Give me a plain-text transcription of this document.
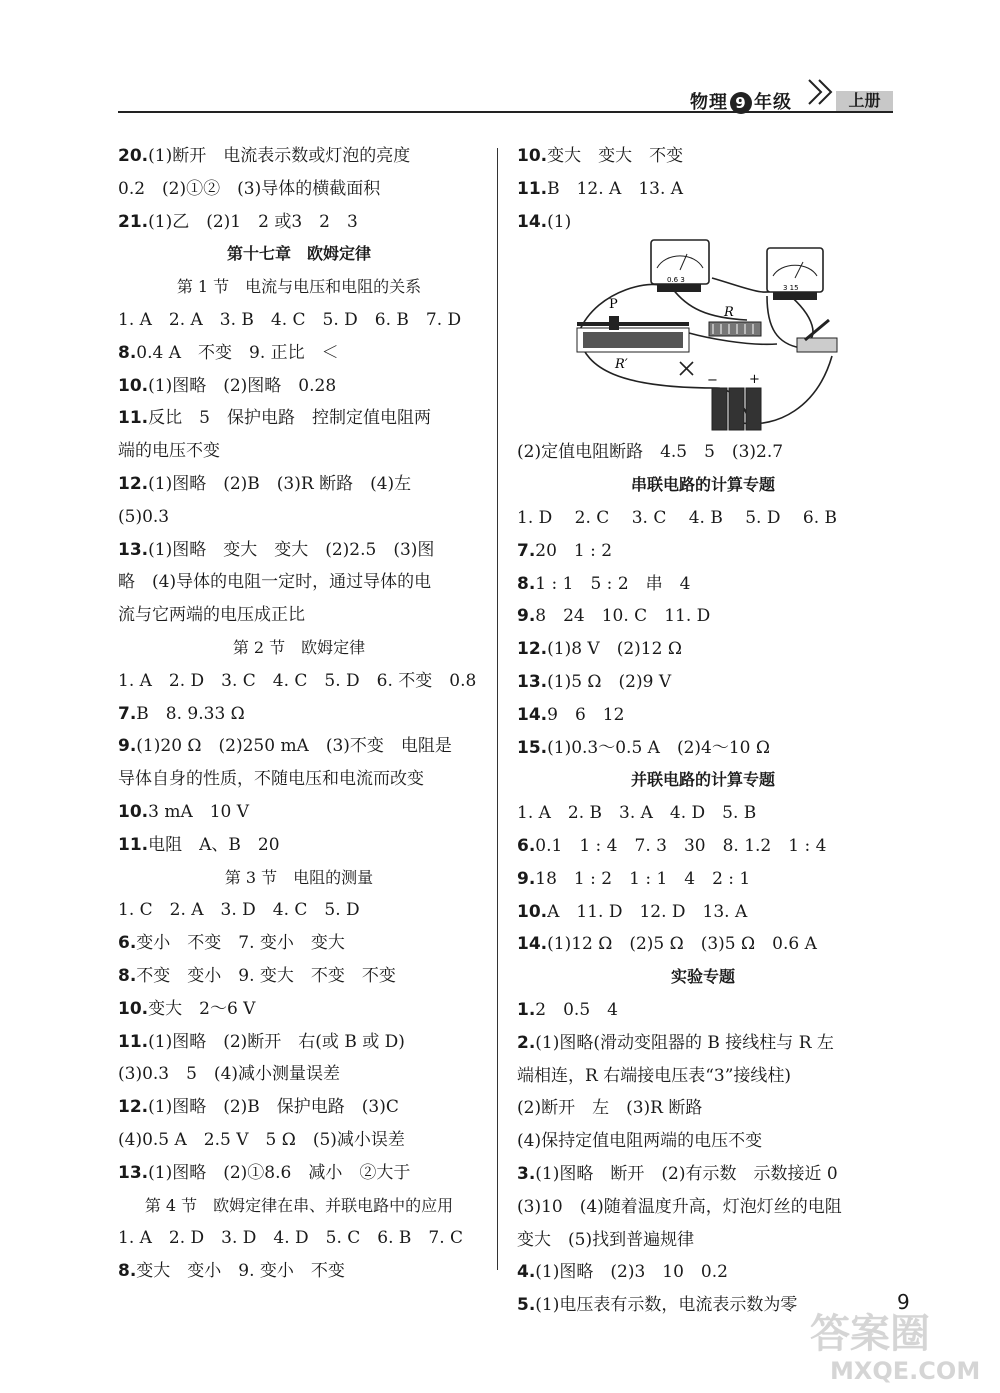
物理 9 年级	上册
20.(1)断开　电流表示数或灯泡的亮度
0.2　(2)①②　(3)导体的横截面积
21.(1)乙　(2)1　2 或3　2　3
第十七章　欧姆定律
第 1 节　电流与电压和电阻的关系
1. A　2. A　3. B　4. C　5. D　6. B　7. D
8.0.4 A　不变　9. 正比　＜
10.(1)图略　(2)图略　0.28
11.反比　5　保护电路　控制定值电阻两
端的电压不变
12.(1)图略　(2)B　(3)R 断路　(4)左
(5)0.3
13.(1)图略　变大　变大　(2)2.5　(3)图
略　(4)导体的电阻一定时，通过导体的电
流与它两端的电压成正比
第 2 节　欧姆定律
1. A　2. D　3. C　4. C　5. D　6. 不变　0.8
7.B　8. 9.33 Ω
9.(1)20 Ω　(2)250 mA　(3)不变　电阻是
导体自身的性质，不随电压和电流而改变
10.3 mA　10 V
11.电阻　A、B　20
第 3 节　电阻的测量
1. C　2. A　3. D　4. C　5. D
6.变小　不变　7. 变小　变大
8.不变　变小　9. 变大　不变　不变
10.变大　2～6 V
11.(1)图略　(2)断开　右(或 B 或 D)
(3)0.3　5　(4)减小测量误差
12.(1)图略　(2)B　保护电路　(3)C
(4)0.5 A　2.5 V　5 Ω　(5)减小误差
13.(1)图略　(2)①8.6　减小　②大于
第 4 节　欧姆定律在串、并联电路中的应用
1. A　2. D　3. D　4. D　5. C　6. B　7. C
8.变大　变小　9. 变小　不变
10.变大　变大　不变
11.B　12. A　13. A
14.(1)
0.6 3
3 15
R
P
R′
− +
(2)定值电阻断路　4.5　5　(3)2.7
串联电路的计算专题
1. D　 2. C　 3. C　 4. B　 5. D　 6. B
7.20　1 : 2
8.1 : 1　5 : 2　串　4
9.8　24　10. C　11. D
12.(1)8 V　(2)12 Ω
13.(1)5 Ω　(2)9 V
14.9　6　12
15.(1)0.3～0.5 A　(2)4～10 Ω
并联电路的计算专题
1. A　2. B　3. A　4. D　5. B
6.0.1　1 : 4　7. 3　30　8. 1.2　1 : 4
9.18　1 : 2　1 : 1　4　2 : 1
10.A　11. D　12. D　13. A
14.(1)12 Ω　(2)5 Ω　(3)5 Ω　0.6 A
实验专题
1.2　0.5　4
2.(1)图略(滑动变阻器的 B 接线柱与 R 左
端相连，R 右端接电压表“3”接线柱)
(2)断开　左　(3)R 断路
(4)保持定值电阻两端的电压不变
3.(1)图略　断开　(2)有示数　示数接近 0
(3)10　(4)随着温度升高，灯泡灯丝的电阻
变大　(5)找到普遍规律
4.(1)图略　(2)3　10　0.2
5.(1)电压表有示数，电流表示数为零	9
答案圈
MXQE.COM
